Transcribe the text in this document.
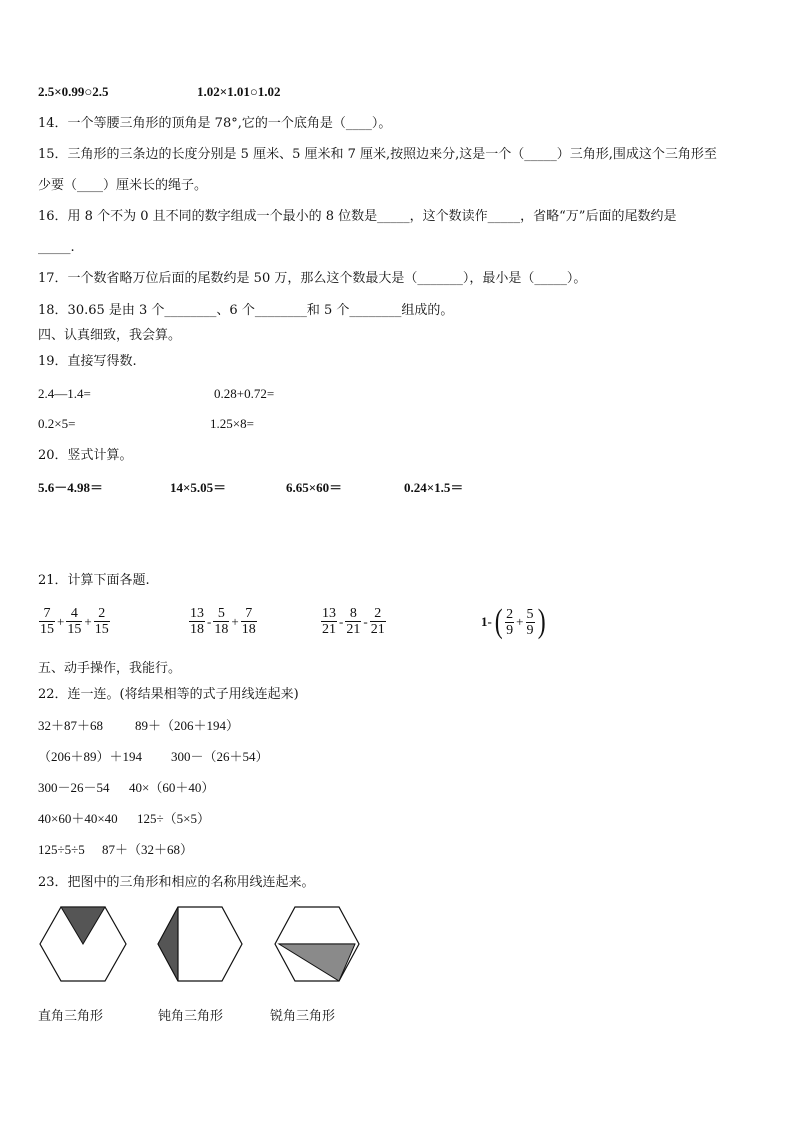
2.5×0.99○2.5	1.02×1.01○1.02
14．一个等腰三角形的顶角是 78°,它的一个底角是（____）。
15．三角形的三条边的长度分别是 5 厘米、5 厘米和 7 厘米,按照边来分,这是一个（_____）三角形,围成这个三角形至
少要（____）厘米长的绳子。
16．用 8 个不为 0 且不同的数字组成一个最小的 8 位数是_____，这个数读作_____，省略“万”后面的尾数约是
_____.
17．一个数省略万位后面的尾数约是 50 万，那么这个数最大是（_______），最小是（_____）。
18．30.65 是由 3 个________、6 个________和 5 个________组成的。
四、认真细致，我会算。
19．直接写得数.
2.4—1.4=	0.28+0.72=
0.2×5=	1.25×8=
20．竖式计算。
5.6－4.98＝	14×5.05＝	6.65×60＝	0.24×1.5＝
21．计算下面各题.
$\frac{7}{15} + \frac{4}{15} + \frac{2}{15}$	$\frac{13}{18} - \frac{5}{18} + \frac{7}{18}$	$\frac{13}{21} - \frac{8}{21} - \frac{2}{21}$	1- ( $\frac{2}{9} + \frac{5}{9}$ )
五、动手操作，我能行。
22．连一连。(将结果相等的式子用线连起来)
32＋87＋68 89＋（206＋194）
（206＋89）＋194 300－（26＋54）
300－26－54 40×（60＋40）
40×60＋40×40 125÷（5×5）
125÷5÷5 87＋（32＋68）
23．把图中的三角形和相应的名称用线连起来。
直角三角形	钝角三角形	锐角三角形
